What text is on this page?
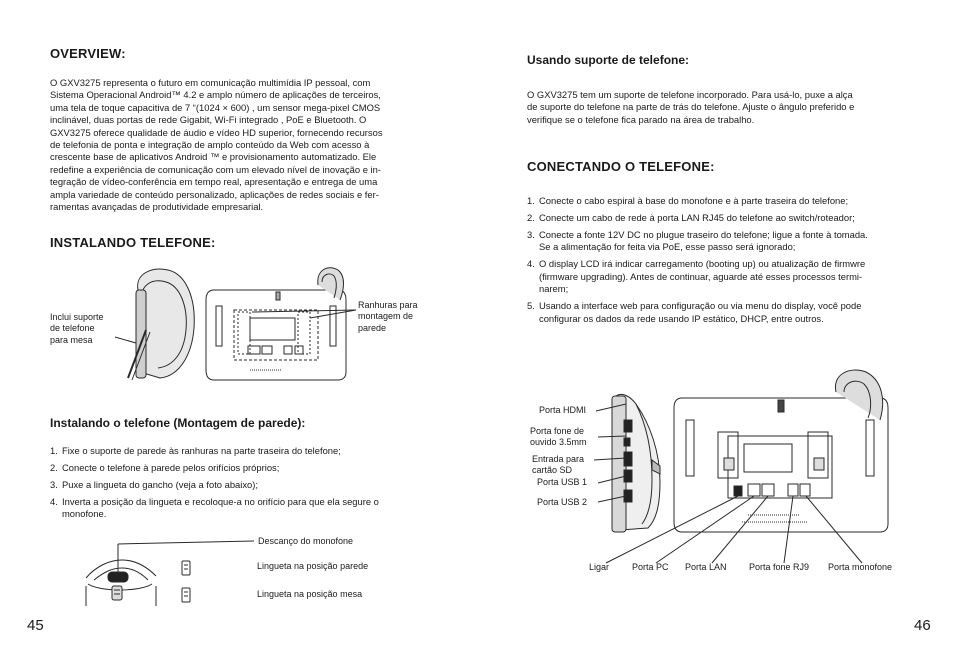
OVERVIEW:
O GXV3275 representa o futuro em comunicação multimídia IP pessoal, com
Sistema Operacional Android™ 4.2 e amplo número de aplicações de terceiros,
uma tela de toque capacitiva de 7 “(1024 × 600) , um sensor mega-pixel CMOS
inclinável, duas portas de rede Gigabit, Wi-Fi integrado , PoE e Bluetooth. O
GXV3275 oferece qualidade de áudio e vídeo HD superior, fornecendo recursos
de telefonia de ponta e integração de amplo conteúdo da Web com acesso à
crescente base de aplicativos Android ™ e provisionamento automatizado. Ele
redefine a experiência de comunicação com um elevado nível de inovação e in-
tegração de vídeo-conferência em tempo real, apresentação e entrega de uma
ampla variedade de conteúdo personalizado, aplicações de redes sociais e fer-
ramentas avançadas de produtividade empresarial.
INSTALANDO TELEFONE:
Inclui suporte
de telefone
para mesa
Ranhuras para
montagem de
parede
Instalando o telefone (Montagem de parede):
1. Fixe o suporte de parede às ranhuras na parte traseira do telefone;
2. Conecte o telefone à parede pelos orifícios próprios;
3. Puxe a lingueta do gancho (veja a foto abaixo);
4. Inverta a posição da lingueta e recoloque-a no orifício para que ela segure o
monofone.
Descanço do monofone
Lingueta na posição parede
Lingueta na posição mesa
45
Usando suporte de telefone:
O GXV3275 tem um suporte de telefone incorporado. Para usá-lo, puxe a alça
de suporte do telefone na parte de trás do telefone. Ajuste o ângulo preferido e
verifique se o telefone fica parado na área de trabalho.
CONECTANDO O TELEFONE:
1. Conecte o cabo espiral à base do monofone e à parte traseira do telefone;
2. Conecte um cabo de rede à porta LAN RJ45 do telefone ao switch/roteador;
3. Conecte a fonte 12V DC no plugue traseiro do telefone; ligue a fonte à tomada.
Se a alimentação for feita via PoE, esse passo será ignorado;
4. O display LCD irá indicar carregamento (booting up) ou atualização de firmwre
(firmware upgrading). Antes de continuar, aguarde até esses processos termi-
narem;
5. Usando a interface web para configuração ou via menu do display, você pode
configurar os dados da rede usando IP estático, DHCP, entre outros.
Porta HDMI
Porta fone de
ouvido 3.5mm
Entrada para
cartão SD
Porta USB 1
Porta USB 2
Ligar	Porta PC Porta LAN Porta fone RJ9 Porta monofone
46
